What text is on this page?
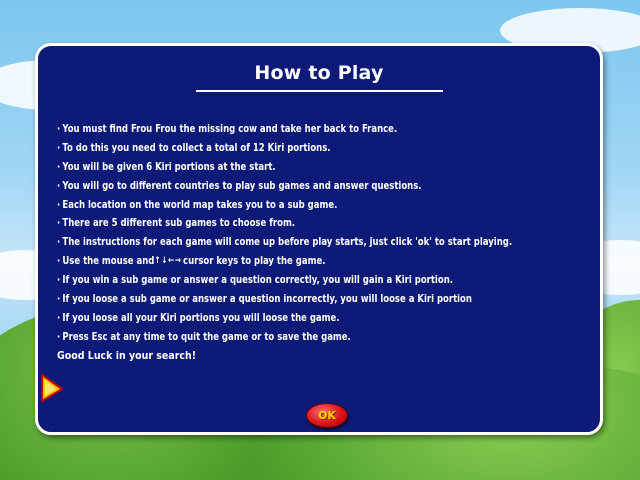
How to Play
· You must find Frou Frou the missing cow and take her back to France.
· To do this you need to collect a total of 12 Kiri portions.
· You will be given 6 Kiri portions at the start.
· You will go to different countries to play sub games and answer questions.
· Each location on the world map takes you to a sub game.
· There are 5 different sub games to choose from.
· The instructions for each game will come up before play starts, just click 'ok' to start playing.
· Use the mouse and↑ ↓ ← → cursor keys to play the game.
· If you win a sub game or answer a question correctly, you will gain a Kiri portion.
· If you loose a sub game or answer a question incorrectly, you will loose a Kiri portion
· If you loose all your Kiri portions you will loose the game.
· Press Esc at any time to quit the game or to save the game.
Good Luck in your search!
OK
